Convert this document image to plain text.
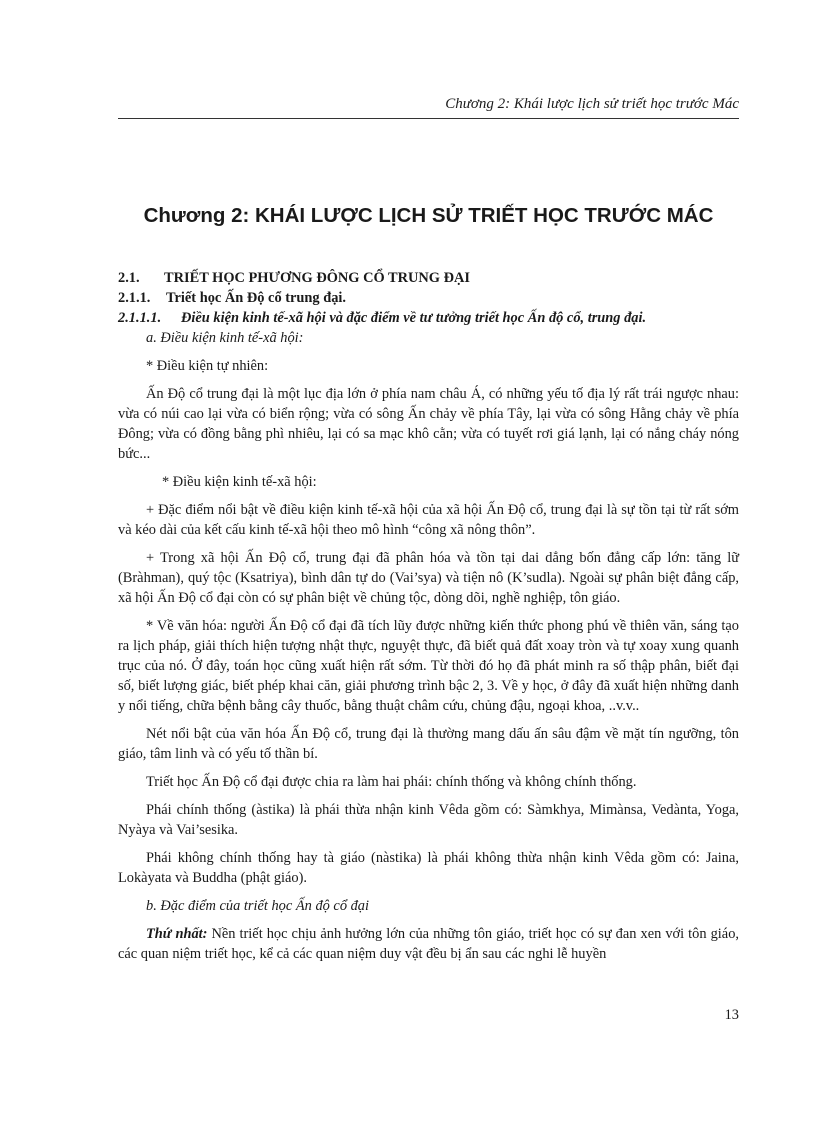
Chương 2: Khái lược lịch sử triết học trước Mác
Chương 2: KHÁI LƯỢC LỊCH SỬ TRIẾT HỌC TRƯỚC MÁC

2.1. TRIẾT HỌC PHƯƠNG ĐÔNG CỔ TRUNG ĐẠI

2.1.1. Triết học Ấn Độ cổ trung đại.

2.1.1.1. Điều kiện kinh tế-xã hội và đặc điểm về tư tưởng triết học Ấn độ cổ, trung đại.

a. Điều kiện kinh tế-xã hội:

* Điều kiện tự nhiên:

Ấn Độ cổ trung đại là một lục địa lớn ở phía nam châu Á, có những yếu tố địa lý rất trái ngược nhau: vừa có núi cao lại vừa có biển rộng; vừa có sông Ấn chảy về phía Tây, lại vừa có sông Hằng chảy về phía Đông; vừa có đồng bằng phì nhiêu, lại có sa mạc khô cằn; vừa có tuyết rơi giá lạnh, lại có nắng cháy nóng bức...

* Điều kiện kinh tế-xã hội:

+ Đặc điểm nổi bật về điều kiện kinh tế-xã hội của xã hội Ấn Độ cổ, trung đại là sự tồn tại từ rất sớm và kéo dài của kết cấu kinh tế-xã hội theo mô hình “công xã nông thôn”.

+ Trong xã hội Ấn Độ cổ, trung đại đã phân hóa và tồn tại dai dẳng bốn đẳng cấp lớn: tăng lữ (Bràhman), quý tộc (Ksatriya), bình dân tự do (Vai’sya) và tiện nô (K’sudla). Ngoài sự phân biệt đẳng cấp, xã hội Ấn Độ cổ đại còn có sự phân biệt về chủng tộc, dòng dõi, nghề nghiệp, tôn giáo.

* Về văn hóa: người Ấn Độ cổ đại đã tích lũy được những kiến thức phong phú về thiên văn, sáng tạo ra lịch pháp, giải thích hiện tượng nhật thực, nguyệt thực, đã biết quả đất xoay tròn và tự xoay xung quanh trục của nó. Ở đây, toán học cũng xuất hiện rất sớm. Từ thời đó họ đã phát minh ra số thập phân, biết đại số, biết lượng giác, biết phép khai căn, giải phương trình bậc 2, 3. Về y học, ở đây đã xuất hiện những danh y nổi tiếng, chữa bệnh bằng cây thuốc, bằng thuật châm cứu, chủng đậu, ngoại khoa, ..v.v..

Nét nổi bật của văn hóa Ấn Độ cổ, trung đại là thường mang dấu ấn sâu đậm về mặt tín ngưỡng, tôn giáo, tâm linh và có yếu tố thần bí.

Triết học Ấn Độ cổ đại được chia ra làm hai phái: chính thống và không chính thống.

Phái chính thống (àstika) là phái thừa nhận kinh Vêda gồm có: Sàmkhya, Mimànsa, Vedànta, Yoga, Nyàya và Vai’sesika.

Phái không chính thống hay tà giáo (nàstika) là phái không thừa nhận kinh Vêda gồm có: Jaina, Lokàyata và Buddha (phật giáo).

b. Đặc điểm của triết học Ấn độ cổ đại

Thứ nhất: Nền triết học chịu ảnh hưởng lớn của những tôn giáo, triết học có sự đan xen với tôn giáo, các quan niệm triết học, kể cả các quan niệm duy vật đều bị ẩn sau các nghi lễ huyền

13
